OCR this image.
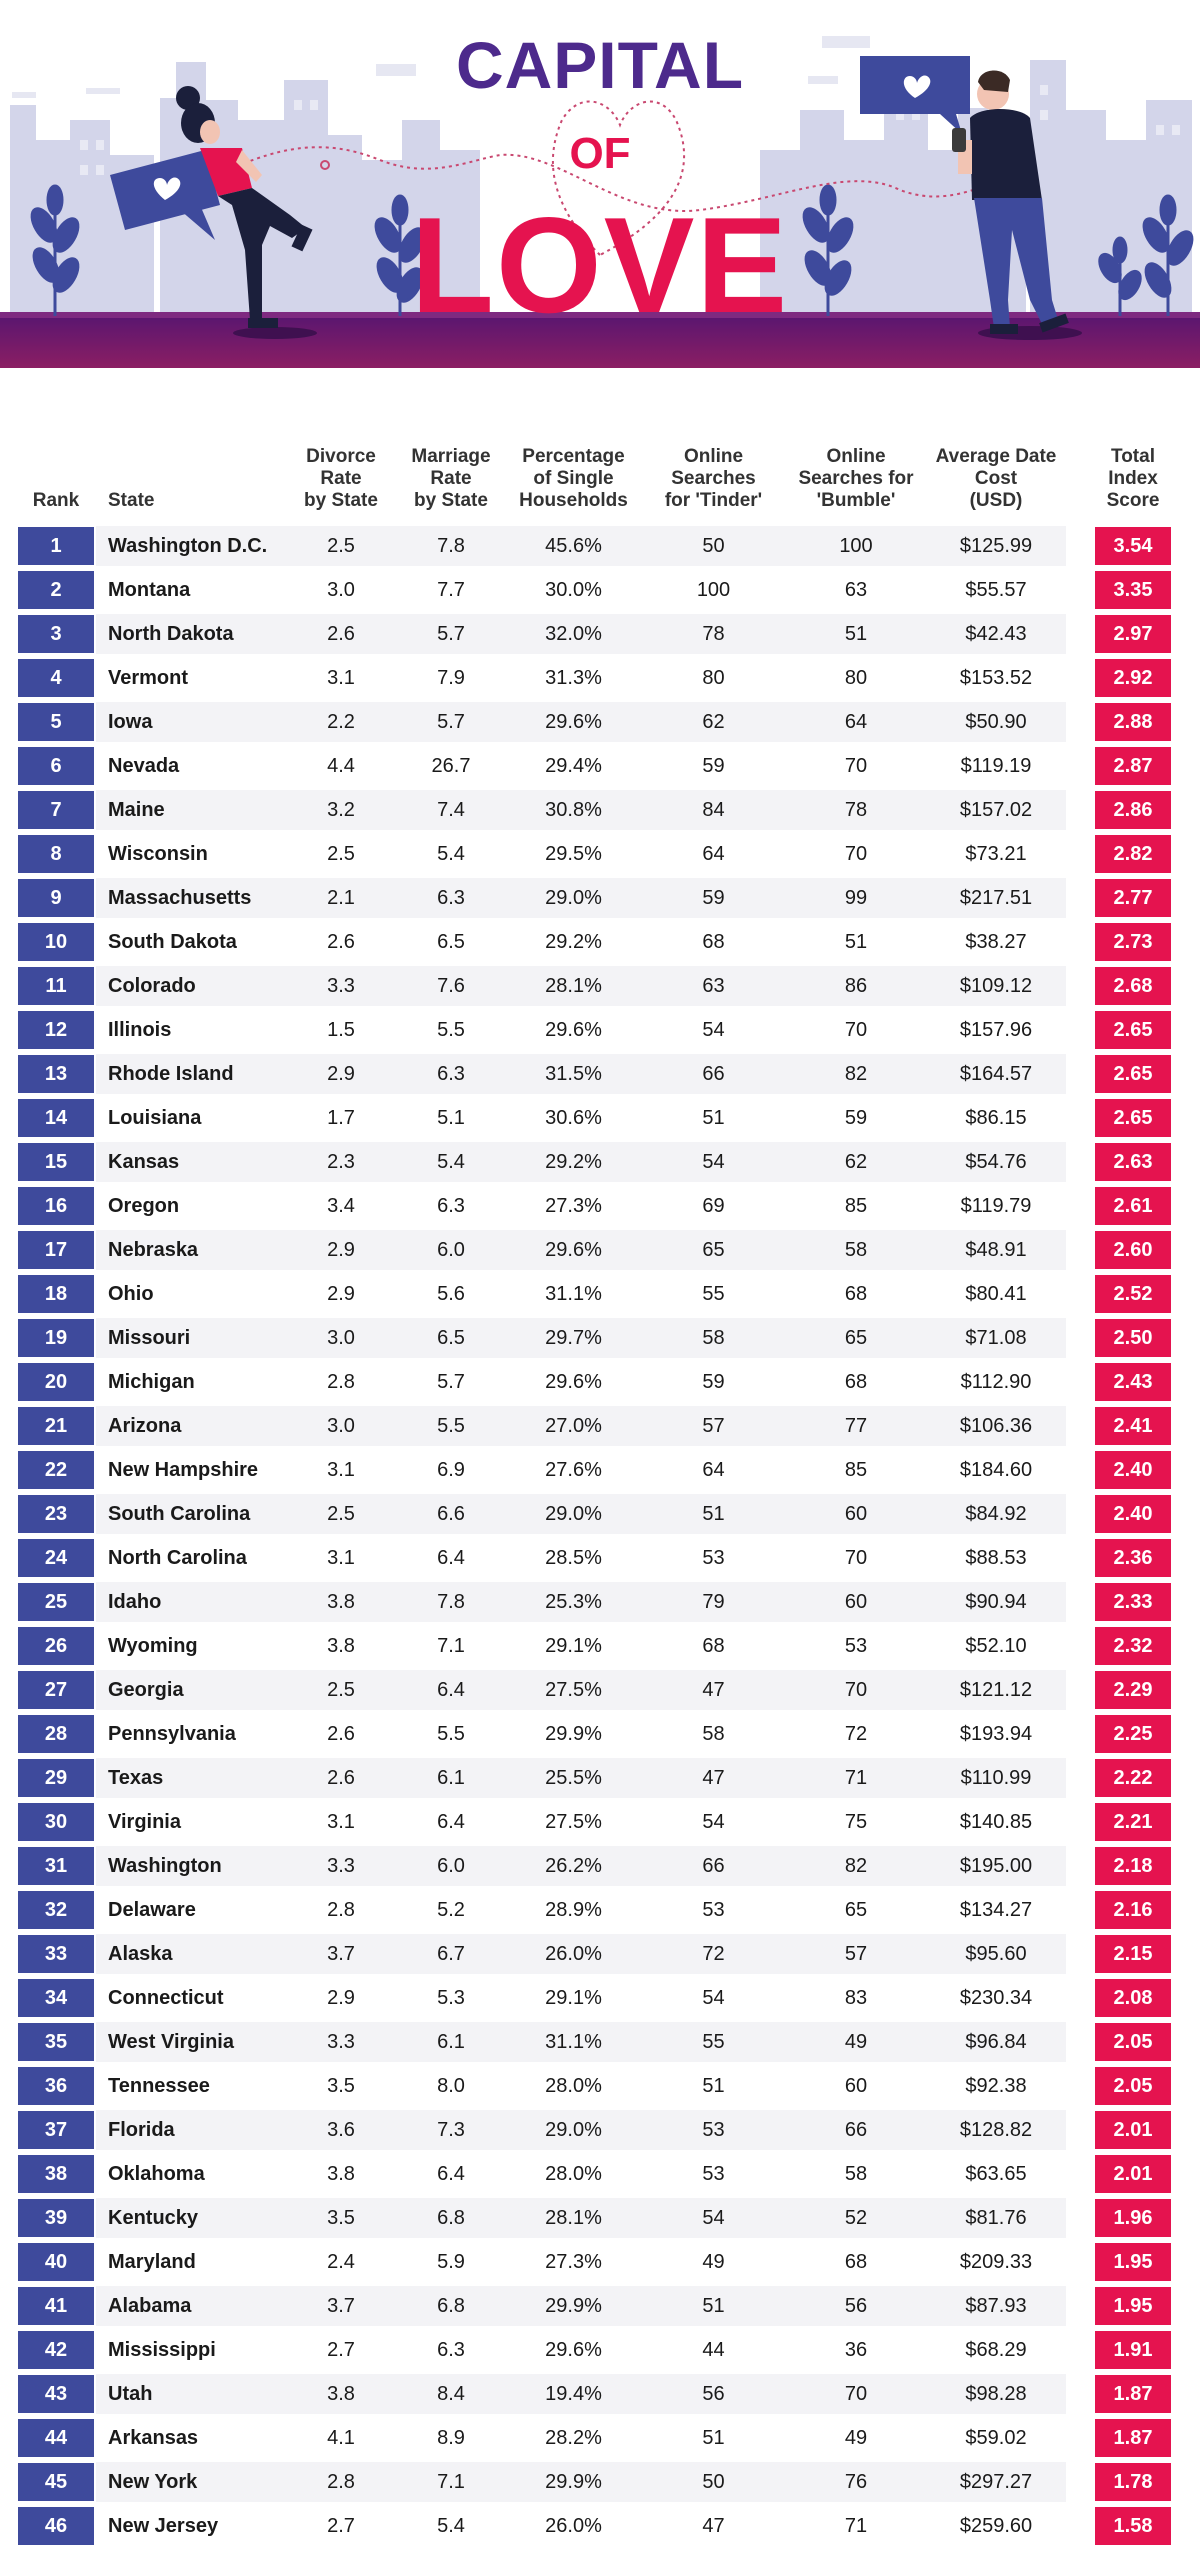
CAPITAL
OF
LOVE
Rank	State	Divorce
Rate
by State	Marriage
Rate
by State	Percentage
of Single
Households	Online
Searches
for 'Tinder'	Online
Searches for
'Bumble'	Average Date
Cost
(USD)	Total
Index
Score

1	Washington D.C.	2.5	7.8	45.6%	50	100	$125.99	3.54

2	Montana	3.0	7.7	30.0%	100	63	$55.57	3.35

3	North Dakota	2.6	5.7	32.0%	78	51	$42.43	2.97

4	Vermont	3.1	7.9	31.3%	80	80	$153.52	2.92

5	Iowa	2.2	5.7	29.6%	62	64	$50.90	2.88

6	Nevada	4.4	26.7	29.4%	59	70	$119.19	2.87

7	Maine	3.2	7.4	30.8%	84	78	$157.02	2.86

8	Wisconsin	2.5	5.4	29.5%	64	70	$73.21	2.82

9	Massachusetts	2.1	6.3	29.0%	59	99	$217.51	2.77

10	South Dakota	2.6	6.5	29.2%	68	51	$38.27	2.73

11	Colorado	3.3	7.6	28.1%	63	86	$109.12	2.68

12	Illinois	1.5	5.5	29.6%	54	70	$157.96	2.65

13	Rhode Island	2.9	6.3	31.5%	66	82	$164.57	2.65

14	Louisiana	1.7	5.1	30.6%	51	59	$86.15	2.65

15	Kansas	2.3	5.4	29.2%	54	62	$54.76	2.63

16	Oregon	3.4	6.3	27.3%	69	85	$119.79	2.61

17	Nebraska	2.9	6.0	29.6%	65	58	$48.91	2.60

18	Ohio	2.9	5.6	31.1%	55	68	$80.41	2.52

19	Missouri	3.0	6.5	29.7%	58	65	$71.08	2.50

20	Michigan	2.8	5.7	29.6%	59	68	$112.90	2.43

21	Arizona	3.0	5.5	27.0%	57	77	$106.36	2.41

22	New Hampshire	3.1	6.9	27.6%	64	85	$184.60	2.40

23	South Carolina	2.5	6.6	29.0%	51	60	$84.92	2.40

24	North Carolina	3.1	6.4	28.5%	53	70	$88.53	2.36

25	Idaho	3.8	7.8	25.3%	79	60	$90.94	2.33

26	Wyoming	3.8	7.1	29.1%	68	53	$52.10	2.32

27	Georgia	2.5	6.4	27.5%	47	70	$121.12	2.29

28	Pennsylvania	2.6	5.5	29.9%	58	72	$193.94	2.25

29	Texas	2.6	6.1	25.5%	47	71	$110.99	2.22

30	Virginia	3.1	6.4	27.5%	54	75	$140.85	2.21

31	Washington	3.3	6.0	26.2%	66	82	$195.00	2.18

32	Delaware	2.8	5.2	28.9%	53	65	$134.27	2.16

33	Alaska	3.7	6.7	26.0%	72	57	$95.60	2.15

34	Connecticut	2.9	5.3	29.1%	54	83	$230.34	2.08

35	West Virginia	3.3	6.1	31.1%	55	49	$96.84	2.05

36	Tennessee	3.5	8.0	28.0%	51	60	$92.38	2.05

37	Florida	3.6	7.3	29.0%	53	66	$128.82	2.01

38	Oklahoma	3.8	6.4	28.0%	53	58	$63.65	2.01

39	Kentucky	3.5	6.8	28.1%	54	52	$81.76	1.96

40	Maryland	2.4	5.9	27.3%	49	68	$209.33	1.95

41	Alabama	3.7	6.8	29.9%	51	56	$87.93	1.95

42	Mississippi	2.7	6.3	29.6%	44	36	$68.29	1.91

43	Utah	3.8	8.4	19.4%	56	70	$98.28	1.87

44	Arkansas	4.1	8.9	28.2%	51	49	$59.02	1.87

45	New York	2.8	7.1	29.9%	50	76	$297.27	1.78

46	New Jersey	2.7	5.4	26.0%	47	71	$259.60	1.58
